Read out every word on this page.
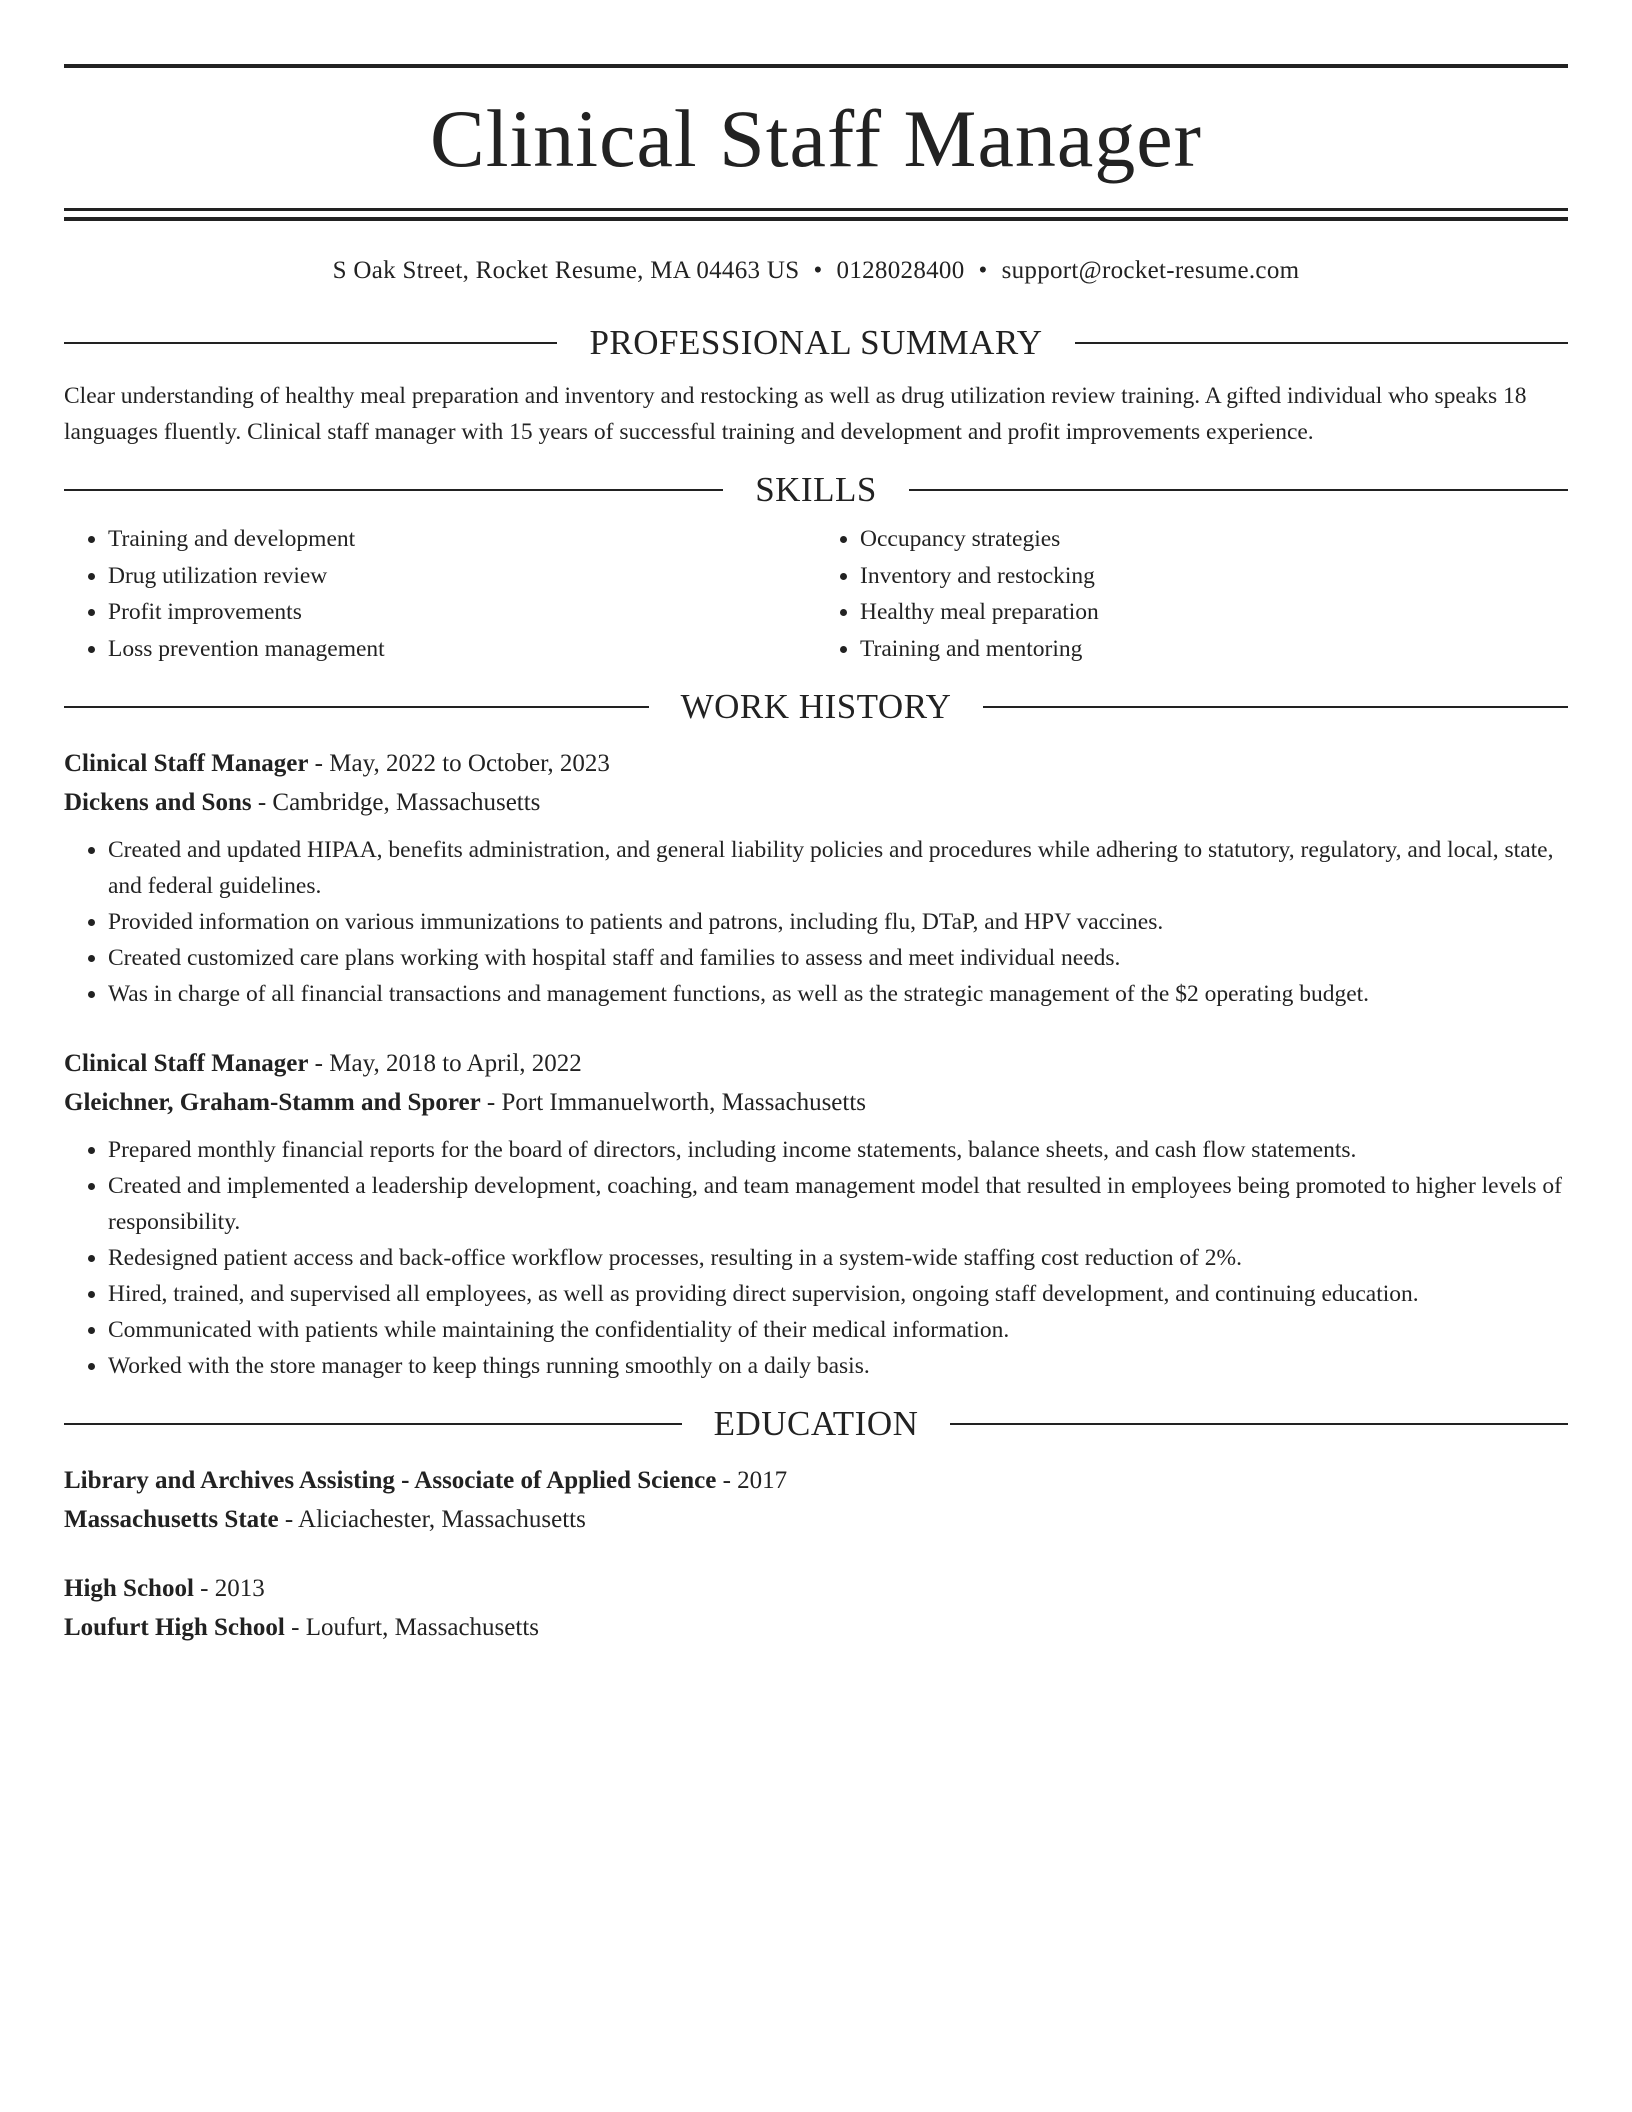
Clinical Staff Manager
S Oak Street, Rocket Resume, MA 04463 US • 0128028400 • support@rocket-resume.com
PROFESSIONAL SUMMARY

Clear understanding of healthy meal preparation and inventory and restocking as well as drug utilization review training. A gifted individual who speaks 18 languages fluently. Clinical staff manager with 15 years of successful training and development and profit improvements experience.

SKILLS
• Training and development
• Drug utilization review
• Profit improvements
• Loss prevention management
• Occupancy strategies
• Inventory and restocking
• Healthy meal preparation
• Training and mentoring
WORK HISTORY
Clinical Staff Manager - May, 2022 to October, 2023
Dickens and Sons - Cambridge, Massachusetts
• Created and updated HIPAA, benefits administration, and general liability policies and procedures while adhering to statutory, regulatory, and local, state, and federal guidelines.
• Provided information on various immunizations to patients and patrons, including flu, DTaP, and HPV vaccines.
• Created customized care plans working with hospital staff and families to assess and meet individual needs.
• Was in charge of all financial transactions and management functions, as well as the strategic management of the $2 operating budget.
Clinical Staff Manager - May, 2018 to April, 2022
Gleichner, Graham-Stamm and Sporer - Port Immanuelworth, Massachusetts
• Prepared monthly financial reports for the board of directors, including income statements, balance sheets, and cash flow statements.
• Created and implemented a leadership development, coaching, and team management model that resulted in employees being promoted to higher levels of responsibility.
• Redesigned patient access and back-office workflow processes, resulting in a system-wide staffing cost reduction of 2%.
• Hired, trained, and supervised all employees, as well as providing direct supervision, ongoing staff development, and continuing education.
• Communicated with patients while maintaining the confidentiality of their medical information.
• Worked with the store manager to keep things running smoothly on a daily basis.
EDUCATION
Library and Archives Assisting - Associate of Applied Science - 2017
Massachusetts State - Aliciachester, Massachusetts
High School - 2013
Loufurt High School - Loufurt, Massachusetts
